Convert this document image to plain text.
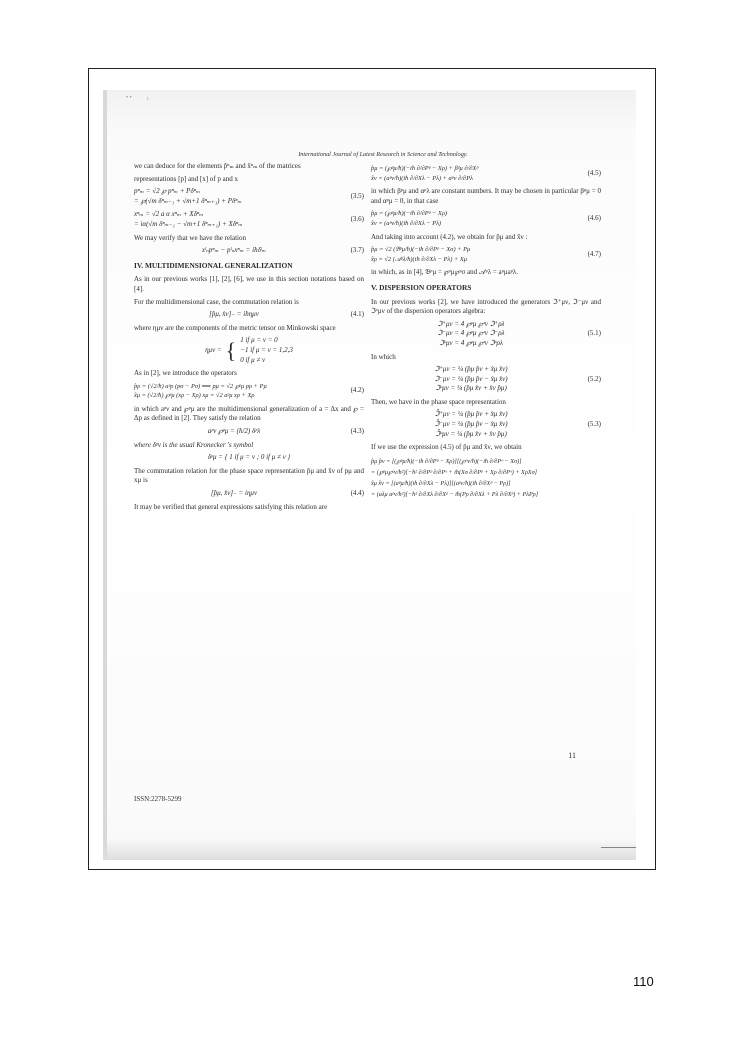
• •	ı
International Journal of Latest Research in Science and Technology.
we can deduce for the elements p̂ⁿₘ and x̂ⁿₘ of the matrices
representations [p] and [x] of p and x
pⁿₘ = √2 ℘ pⁿₘ + Pδⁿₘ
= ℘(√m δⁿₘ₋₁ + √m+1 δⁿₘ₊₁) + Pδⁿₘ
(3.5)
xⁿₘ = √2 a α xⁿₘ + Xδⁿₘ
= iα(√m δⁿₘ₋₁ − √m+1 δⁿₘ₊₁) + Xδⁿₘ
(3.6)
We may verify that we have the relation
xˡₙpⁿₘ − pˡₙxⁿₘ = iħδˡₘ	(3.7)
IV. MULTIDIMENSIONAL GENERALIZATION
As in our previous works [1], [2], [6], we use in this section notations based on [4].
For the multidimensional case, the commutation relation is
[p̂μ, x̂ν]₋ = iħημν	(4.1)
where ημν are the components of the metric tensor on Minkowski space
ημν = { 1 if μ = ν = 0
−1 if μ = ν = 1,2,3
0 if μ ≠ ν
As in [2], we introduce the operators
p̂ρ = (√2/ħ) aᵖρ (pσ − Pσ) ⟺ pμ = √2 ℘ᵖμ pρ + Pμ
x̂μ = (√2/ħ) ℘ᵖμ (xρ − Xρ) xμ = √2 aᵖμ xρ + Xρ
(4.2)
in which aᵖν and ℘ᵖμ are the multidimensional generalization of a = Δx and ℘ = Δp as defined in [2]. They satisfy the relation
aᵖν ℘ᵖμ = (ħ/2) δᵖλ	(4.3)
where δᵖν is the usual Kronecker 's symbol
δᵖμ = { 1 if μ = ν ; 0 if μ ≠ ν }
The commutation relation for the phase space representation p̂μ and x̂ν of pμ and xμ is
[p̂μ, x̂ν]₋ = iημν	(4.4)
It may be verified that general expressions satisfying this relation are
p̂μ = (℘ᵖμ/ħ)(−iħ ∂/∂Pᵖ − Xρ) + βᵖμ ∂/∂Xᵖ
x̂ν = (aᵖν/ħ)(iħ ∂/∂Xλ − Pλ) + αᵖν ∂/∂Pλ
(4.5)
in which βᵖμ and αᵖλ are constant numbers. It may be chosen in particular βᵖμ = 0 and αᵖμ = 0, in that case
p̂μ = (℘ᵖμ/ħ)(−iħ ∂/∂Pᵖ − Xρ)
x̂ν = (aᵖν/ħ)(iħ ∂/∂Xλ − Pλ)
(4.6)
And taking into account (4.2), we obtain for p̂μ and x̂ν :
p̂μ = √2 (𝔅ᵖμ/ħ)(−iħ ∂/∂Pᵖ − Xσ) + Pμ
x̂ρ = √2 (𝒜ᵖλ/ħ)(iħ ∂/∂Xλ − Pλ) + Xμ
(4.7)
in which, as in [4], 𝔅ᵖμ = ℘ᵖμ℘ᵖσ and 𝒜ᵖλ = aᵖμaᵖλ.
V. DISPERSION OPERATORS
In our previous works [2], we have introduced the generators ℑ⁺μν, ℑ⁻μν and ℑᵒμν of the dispersion operators algebra:
ℑ⁺μν = 4 ℘ᵖμ ℘ᶻν ℑ⁺ρλ
ℑ⁻μν = 4 ℘ᵖμ ℘ᶻν ℑ⁻ρλ
ℑᵒμν = 4 ℘ᵖμ ℘ᶻν ℑᵒρλ
(5.1)
In which
ℑ⁺μν = ¼ (p̂μ p̂ν + x̂μ x̂ν)
ℑ⁻μν = ¼ (p̂μ p̂ν − x̂μ x̂ν)
ℑᵒμν = ¼ (p̂μ x̂ν + x̂ν p̂μ)
(5.2)
Then, we have in the phase space representation
ℑ̂⁺μν = ¼ (p̂μ p̂ν + x̂μ x̂ν)
ℑ̂⁻μν = ¼ (p̂μ p̂ν − x̂μ x̂ν)
ℑ̂ᵒμν = ¼ (p̂μ x̂ν + x̂ν p̂μ)
(5.3)
If we use the expression (4.5) of p̂μ and x̂ν, we obtain
p̂μ p̂ν = [(℘ᵖμ/ħ)(−iħ ∂/∂Pᵖ − Xρ)][(℘ᵒν/ħ)(−iħ ∂/∂Pᵒ − Xσ)]
= (℘ᵖμ℘ᵒν/ħ²)[−ħ² ∂/∂Pᵖ ∂/∂Pᵒ + iħ(Xσ ∂/∂Pᵖ + Xρ ∂/∂Pᵒ) + XρXσ]
x̂μ x̂ν = [(aᵖμ/ħ)(iħ ∂/∂Xλ − Pλ)][(aᵖν/ħ)(iħ ∂/∂Xᵖ − Pρ)]
= (aλμ aᵖν/ħ²)[−ħ² ∂/∂Xλ ∂/∂Xᵖ − iħ(Pρ ∂/∂Xλ + Pλ ∂/∂Xᵖ) + PλPρ]
11
ISSN:2278-5299
110
